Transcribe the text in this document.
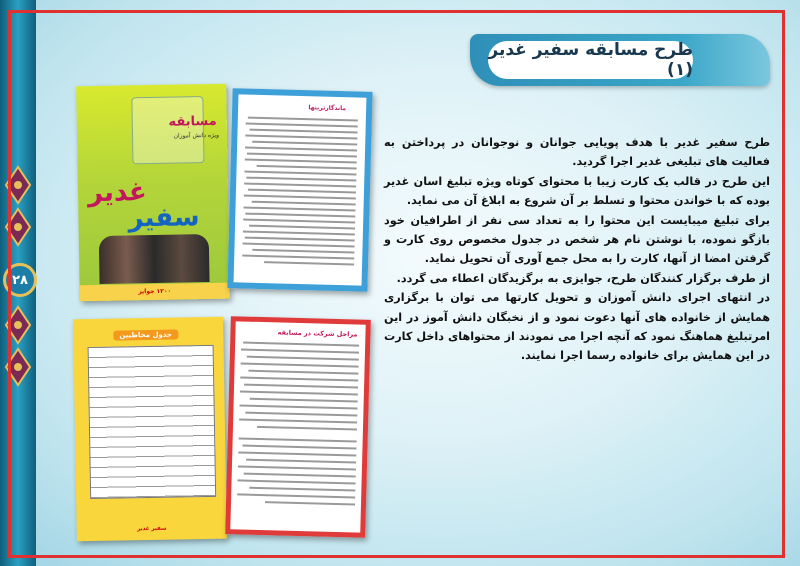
۲۸
طرح مسابقه سفیر غدیر (۱)

طرح سفیر غدیر با هدف پویایی جوانان و نوجوانان در پرداختن به فعالیت های تبلیغی غدیر اجرا گردید.

این طرح در قالب یک کارت زیبا با محتوای کوتاه ویژه تبلیغ اسان غدیر بوده که با خواندن محتوا و تسلط بر آن شروع به ابلاغ آن می نماید.

برای تبلیغ میبایست این محتوا را به تعداد سی نفر از اطرافیان خود بازگو نموده، با نوشتن نام هر شخص در جدول مخصوص روی کارت و گرفتن امضا از آنها، کارت را به محل جمع آوری آن تحویل نماید.

از طرف برگزار کنندگان طرح، جوایزی به برگزیدگان اعطاء می گردد.

در انتهای اجرای دانش آموزان و تحویل کارتها می توان با برگزاری همایش از خانواده های آنها دعوت نمود و از نخبگان دانش آموز در این امرتبلیغ هماهنگ نمود که آنچه اجرا می نمودند از محتواهای داخل کارت در این همایش برای خانواده رسما اجرا نمایند.

مسابقه
ویژه دانش آموزان
غدیر
سفیر
۱۲۰۰ جوایز
ماندگارترینها
جدول مخاطبین
سفیر غدیر
مراحل شرکت در مسابقه
